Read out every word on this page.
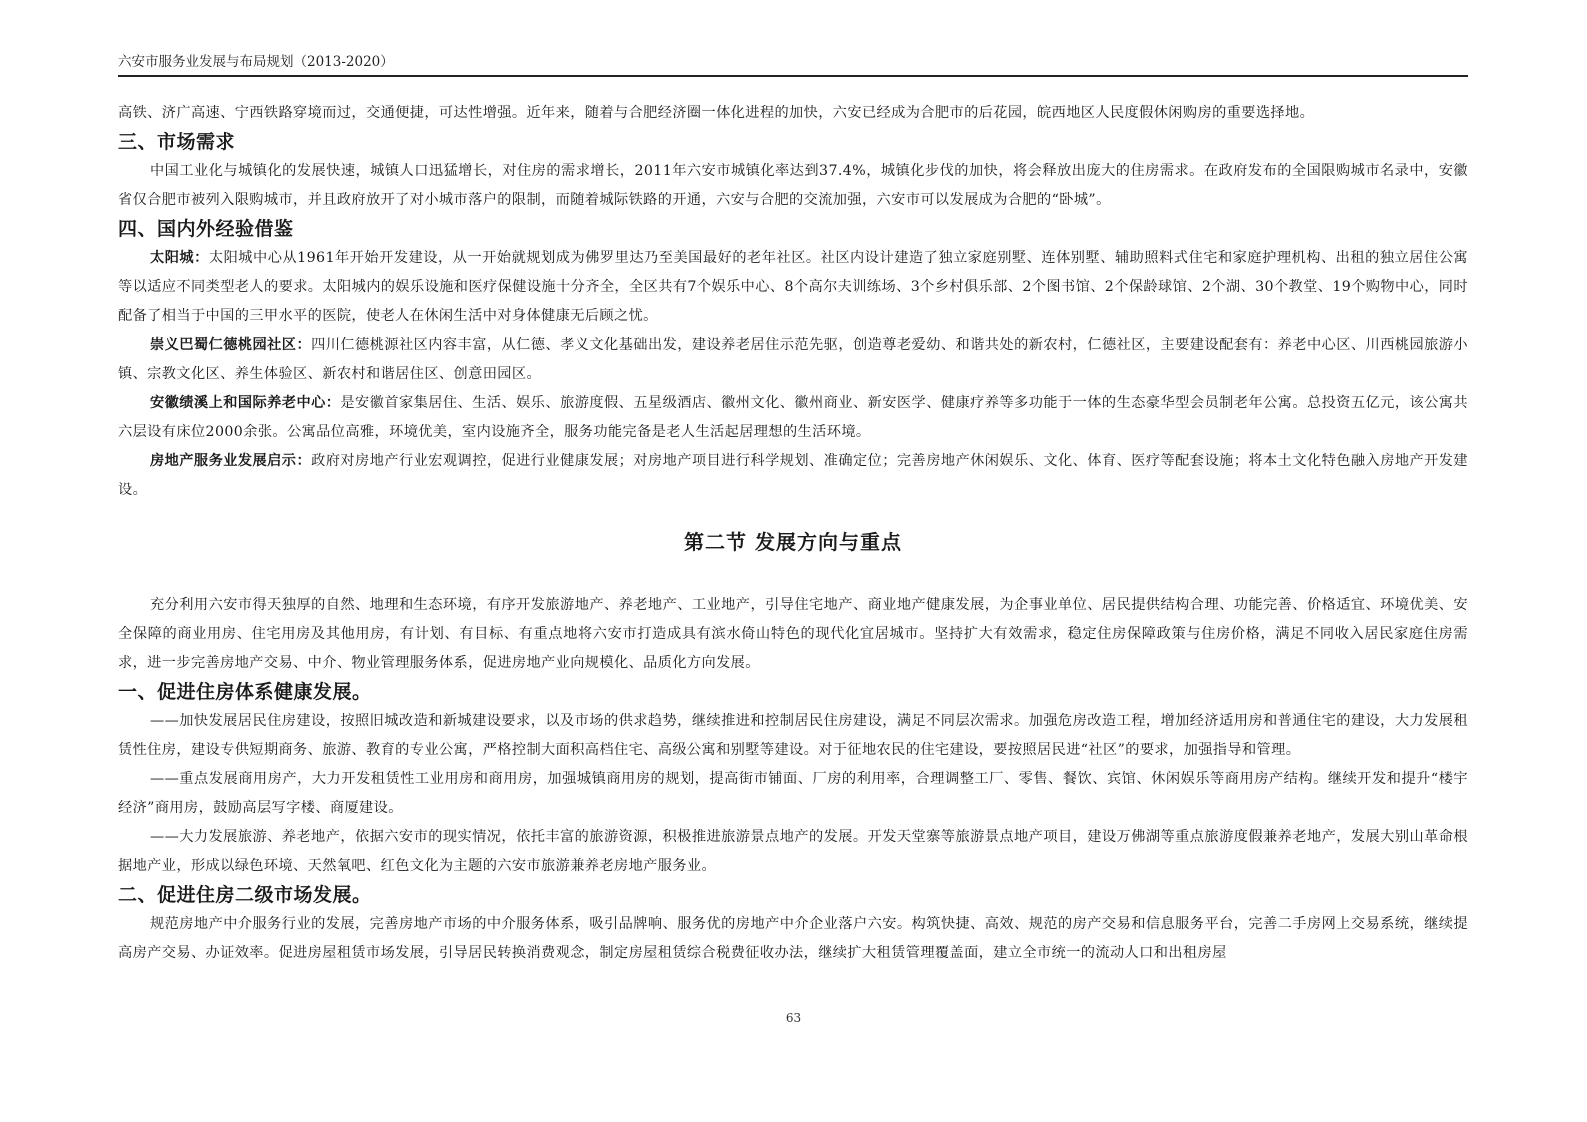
六安市服务业发展与布局规划（2013-2020）

高铁、济广高速、宁西铁路穿境而过，交通便捷，可达性增强。近年来，随着与合肥经济圈一体化进程的加快，六安已经成为合肥市的后花园，皖西地区人民度假休闲购房的重要选择地。

三、市场需求

中国工业化与城镇化的发展快速，城镇人口迅猛增长，对住房的需求增长，2011年六安市城镇化率达到37.4%，城镇化步伐的加快，将会释放出庞大的住房需求。在政府发布的全国限购城市名录中，安徽省仅合肥市被列入限购城市，并且政府放开了对小城市落户的限制，而随着城际铁路的开通，六安与合肥的交流加强，六安市可以发展成为合肥的“卧城”。

四、国内外经验借鉴

太阳城：太阳城中心从1961年开始开发建设，从一开始就规划成为佛罗里达乃至美国最好的老年社区。社区内设计建造了独立家庭别墅、连体别墅、辅助照料式住宅和家庭护理机构、出租的独立居住公寓等以适应不同类型老人的要求。太阳城内的娱乐设施和医疗保健设施十分齐全，全区共有7个娱乐中心、8个高尔夫训练场、3个乡村俱乐部、2个图书馆、2个保龄球馆、2个湖、30个教堂、19个购物中心，同时配备了相当于中国的三甲水平的医院，使老人在休闲生活中对身体健康无后顾之忧。

崇义巴蜀仁德桃园社区：四川仁德桃源社区内容丰富，从仁德、孝义文化基础出发，建设养老居住示范先驱，创造尊老爱幼、和谐共处的新农村，仁德社区，主要建设配套有：养老中心区、川西桃园旅游小镇、宗教文化区、养生体验区、新农村和谐居住区、创意田园区。

安徽绩溪上和国际养老中心：是安徽首家集居住、生活、娱乐、旅游度假、五星级酒店、徽州文化、徽州商业、新安医学、健康疗养等多功能于一体的生态豪华型会员制老年公寓。总投资五亿元，该公寓共六层设有床位2000余张。公寓品位高雅，环境优美，室内设施齐全，服务功能完备是老人生活起居理想的生活环境。

房地产服务业发展启示：政府对房地产行业宏观调控，促进行业健康发展；对房地产项目进行科学规划、准确定位；完善房地产休闲娱乐、文化、体育、医疗等配套设施；将本土文化特色融入房地产开发建设。

第二节 发展方向与重点

充分利用六安市得天独厚的自然、地理和生态环境，有序开发旅游地产、养老地产、工业地产，引导住宅地产、商业地产健康发展，为企事业单位、居民提供结构合理、功能完善、价格适宜、环境优美、安全保障的商业用房、住宅用房及其他用房，有计划、有目标、有重点地将六安市打造成具有滨水倚山特色的现代化宜居城市。坚持扩大有效需求，稳定住房保障政策与住房价格，满足不同收入居民家庭住房需求，进一步完善房地产交易、中介、物业管理服务体系，促进房地产业向规模化、品质化方向发展。

一、促进住房体系健康发展。

——加快发展居民住房建设，按照旧城改造和新城建设要求，以及市场的供求趋势，继续推进和控制居民住房建设，满足不同层次需求。加强危房改造工程，增加经济适用房和普通住宅的建设，大力发展租赁性住房，建设专供短期商务、旅游、教育的专业公寓，严格控制大面积高档住宅、高级公寓和别墅等建设。对于征地农民的住宅建设，要按照居民进“社区”的要求，加强指导和管理。

——重点发展商用房产，大力开发租赁性工业用房和商用房，加强城镇商用房的规划，提高街市铺面、厂房的利用率，合理调整工厂、零售、餐饮、宾馆、休闲娱乐等商用房产结构。继续开发和提升“楼宇经济”商用房，鼓励高层写字楼、商厦建设。

——大力发展旅游、养老地产，依据六安市的现实情况，依托丰富的旅游资源，积极推进旅游景点地产的发展。开发天堂寨等旅游景点地产项目，建设万佛湖等重点旅游度假兼养老地产，发展大别山革命根据地产业，形成以绿色环境、天然氧吧、红色文化为主题的六安市旅游兼养老房地产服务业。

二、促进住房二级市场发展。

规范房地产中介服务行业的发展，完善房地产市场的中介服务体系，吸引品牌响、服务优的房地产中介企业落户六安。构筑快捷、高效、规范的房产交易和信息服务平台，完善二手房网上交易系统，继续提高房产交易、办证效率。促进房屋租赁市场发展，引导居民转换消费观念，制定房屋租赁综合税费征收办法，继续扩大租赁管理覆盖面，建立全市统一的流动人口和出租房屋

63
